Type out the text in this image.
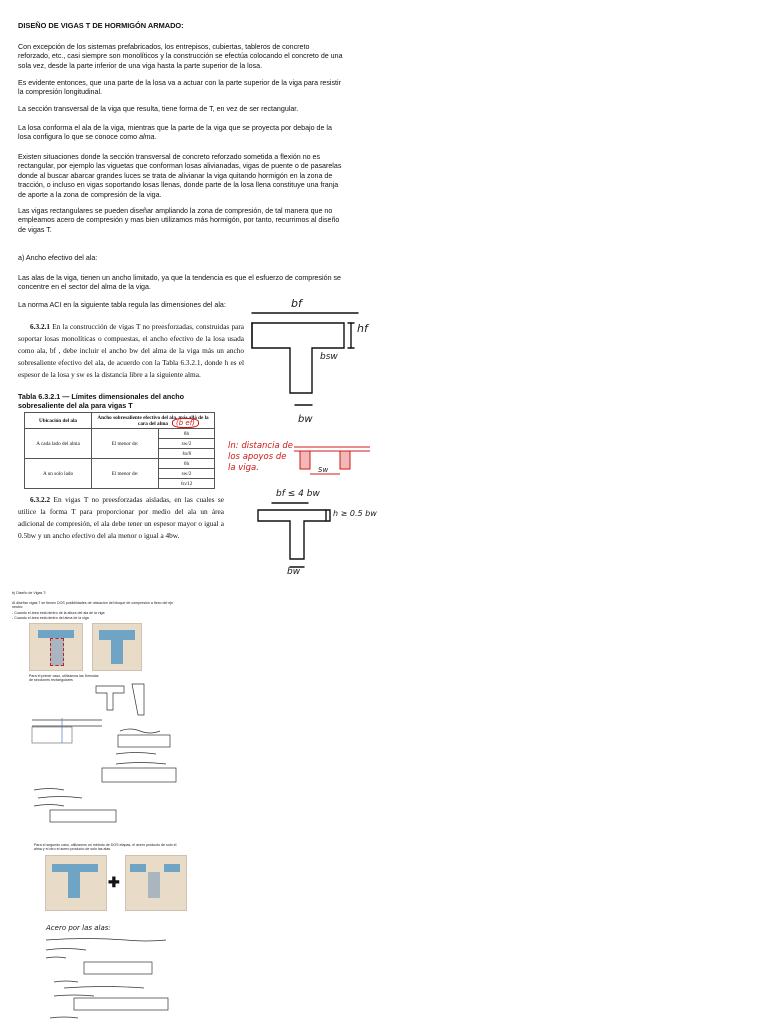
DISEÑO DE VIGAS T DE HORMIGÓN ARMADO:

Con excepción de los sistemas prefabricados, los entrepisos, cubiertas, tableros de concreto reforzado, etc., casi siempre son monolíticos y la construcción se efectúa colocando el concreto de una sola vez, desde la parte inferior de una viga hasta la parte superior de la losa.

Es evidente entonces, que una parte de la losa va a actuar con la parte superior de la viga para resistir la compresión longitudinal.

La sección transversal de la viga que resulta, tiene forma de T, en vez de ser rectangular.

La losa conforma el ala de la viga, mientras que la parte de la viga que se proyecta por debajo de la losa configura lo que se conoce como alma.

Existen situaciones donde la sección transversal de concreto reforzado sometida a flexión no es rectangular, por ejemplo las viguetas que conforman losas alivianadas, vigas de puente o de pasarelas donde al buscar abarcar grandes luces se trata de alivianar la viga quitando hormigón en la zona de tracción, o incluso en vigas soportando losas llenas, donde parte de la losa llena constituye una franja de aporte a la zona de compresión de la viga.

Las vigas rectangulares se pueden diseñar ampliando la zona de compresión, de tal manera que no empleamos acero de compresión y mas bien utilizamos más hormigón, por tanto, recurrimos al diseño de vigas T.

a) Ancho efectivo del ala:

Las alas de la viga, tienen un ancho limitado, ya que la tendencia es que el esfuerzo de compresión se concentre en el sector del alma de la viga.

La norma ACI en la siguiente tabla regula las dimensiones del ala:

6.3.2.1 En la construcción de vigas T no preesforzadas, construidas para soportar losas monolíticas o compuestas, el ancho efectivo de la losa usada como ala, bf , debe incluir el ancho bw del alma de la viga más un ancho sobresaliente efectivo del ala, de acuerdo con la Tabla 6.3.2.1, donde h es el espesor de la losa y sw es la distancia libre a la siguiente alma.
Tabla 6.3.2.1 — Límites dimensionales del ancho sobresaliente del ala para vigas T
Ubicación del ala	Ancho sobresaliente efectivo del ala, más allá de la cara del alma	
A cada lado del alma	El menor de:	8h
		sw/2
		ℓn/8
A un solo lado	El menor de:	6h
		sw/2
		ℓn/12
6.3.2.2 En vigas T no preesforzadas aisladas, en las cuales se utilice la forma T para proporcionar por medio del ala un área adicional de compresión, el ala debe tener un espesor mayor o igual a 0.5bw y un ancho efectivo del ala menor o igual a 4bw.
bf
hf
bsw
bw
(b ef)
ln: distancia de los apoyos de la viga.	Sw
bf ≤ 4 bw
h ≥ 0.5 bw
bw
b) Diseño de Vigas T:
Al diseñar vigas T se tienen DOS posibilidades de ubicación del bloque de compresión a flexo del eje neutro:
- Cuando el área está dentro de la altura del ala de la viga
- Cuando el área está dentro del alma de la viga
Para el primer caso, utilizamos las fórmulas de secciones rectangulares
Para el segundo caso, utilizamos un método de DOS etapas, el acero producto de solo el alma y el otro el acero producto de solo las alas
✚
Acero por las alas:
